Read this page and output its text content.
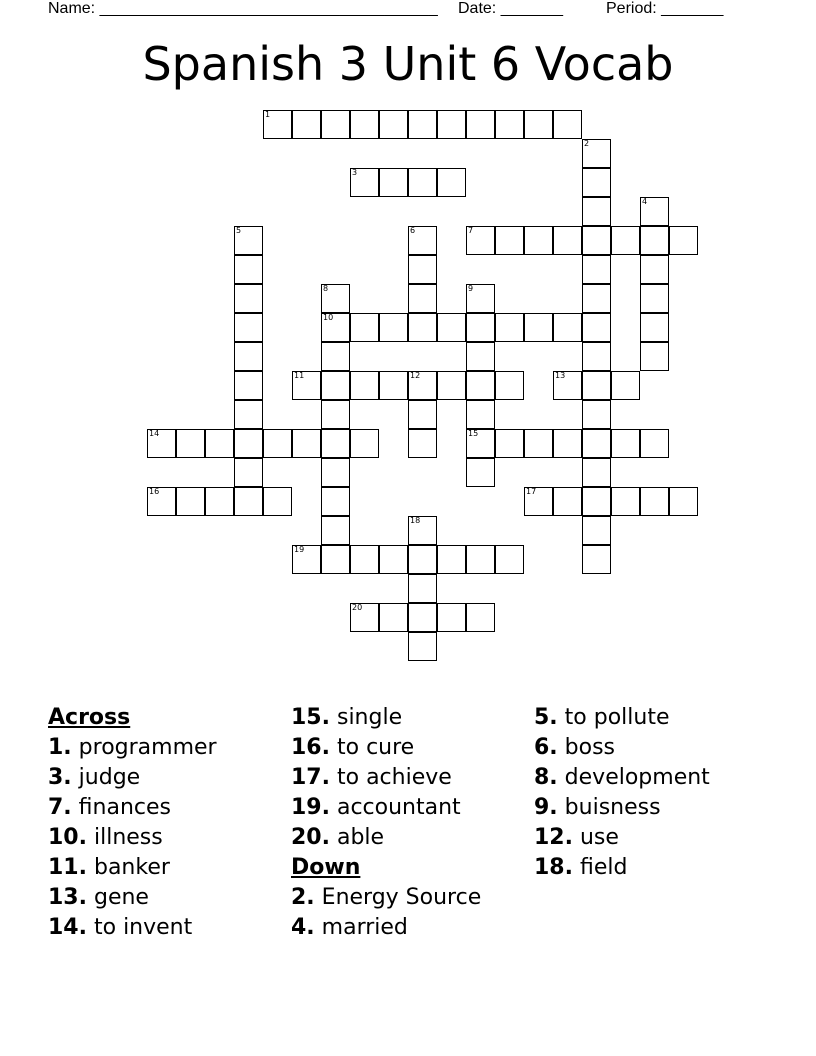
Name: ______________________________________

Date: _______

	Period: _______

Spanish 3 Unit 6 Vocab
1
2
3
4
5	6	7
8
10
9
15
11	12	13
14
16	17
18
19
20
Across
1. programmer
3. judge
7. finances
10. illness
11. banker
13. gene
14. to invent
15. single
16. to cure
17. to achieve
19. accountant
20. able
Down
2. Energy Source
4. married
5. to pollute
6. boss
8. development
9. buisness
12. use
18. field
